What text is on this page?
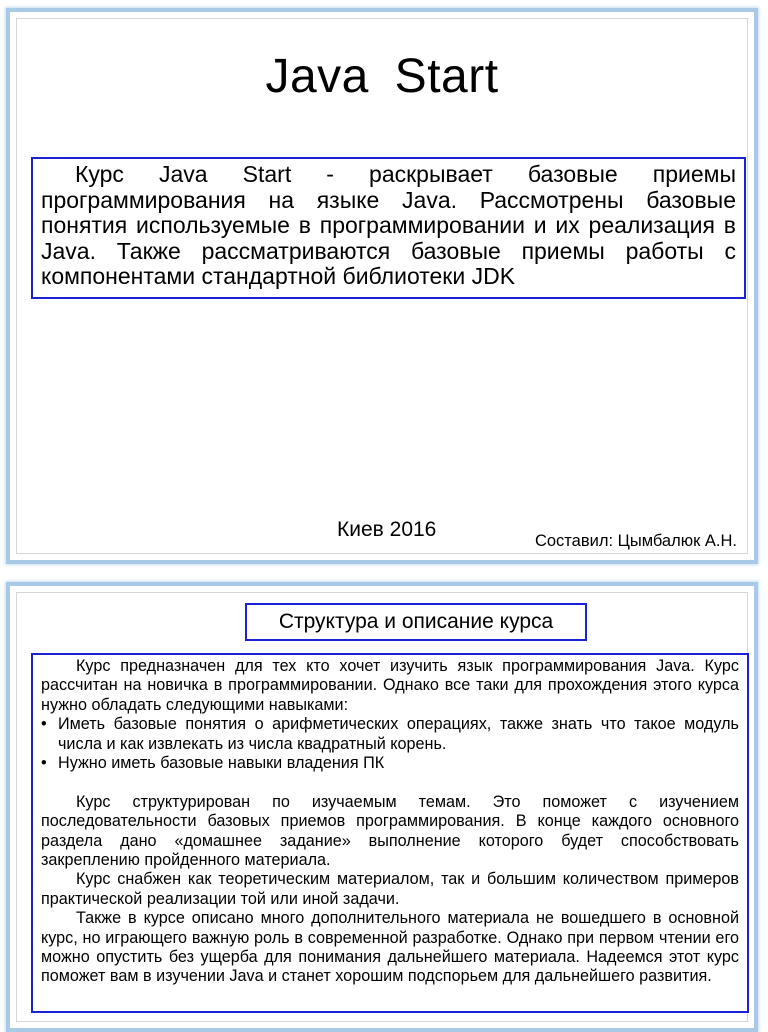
Java Start
Курс Java Start - раскрывает базовые приемы программирования на языке Java. Рассмотрены базовые понятия используемые в программировании и их реализация в Java. Также рассматриваются базовые приемы работы с компонентами стандартной библиотеки JDK
Киев 2016	Составил: Цымбалюк А.Н.
Структура и описание курса

Курс предназначен для тех кто хочет изучить язык программирования Java. Курс рассчитан на новичка в программировании. Однако все таки для прохождения этого курса нужно обладать следующими навыками:

• Иметь базовые понятия о арифметических операциях, также знать что такое модуль числа и как извлекать из числа квадратный корень.
• Нужно иметь базовые навыки владения ПК

Курс структурирован по изучаемым темам. Это поможет с изучением последовательности базовых приемов программирования. В конце каждого основного раздела дано «домашнее задание» выполнение которого будет способствовать закреплению пройденного материала.

Курс снабжен как теоретическим материалом, так и большим количеством примеров практической реализации той или иной задачи.

Также в курсе описано много дополнительного материала не вошедшего в основной курс, но играющего важную роль в современной разработке. Однако при первом чтении его можно опустить без ущерба для понимания дальнейшего материала. Надеемся этот курс поможет вам в изучении Java и станет хорошим подспорьем для дальнейшего развития.
